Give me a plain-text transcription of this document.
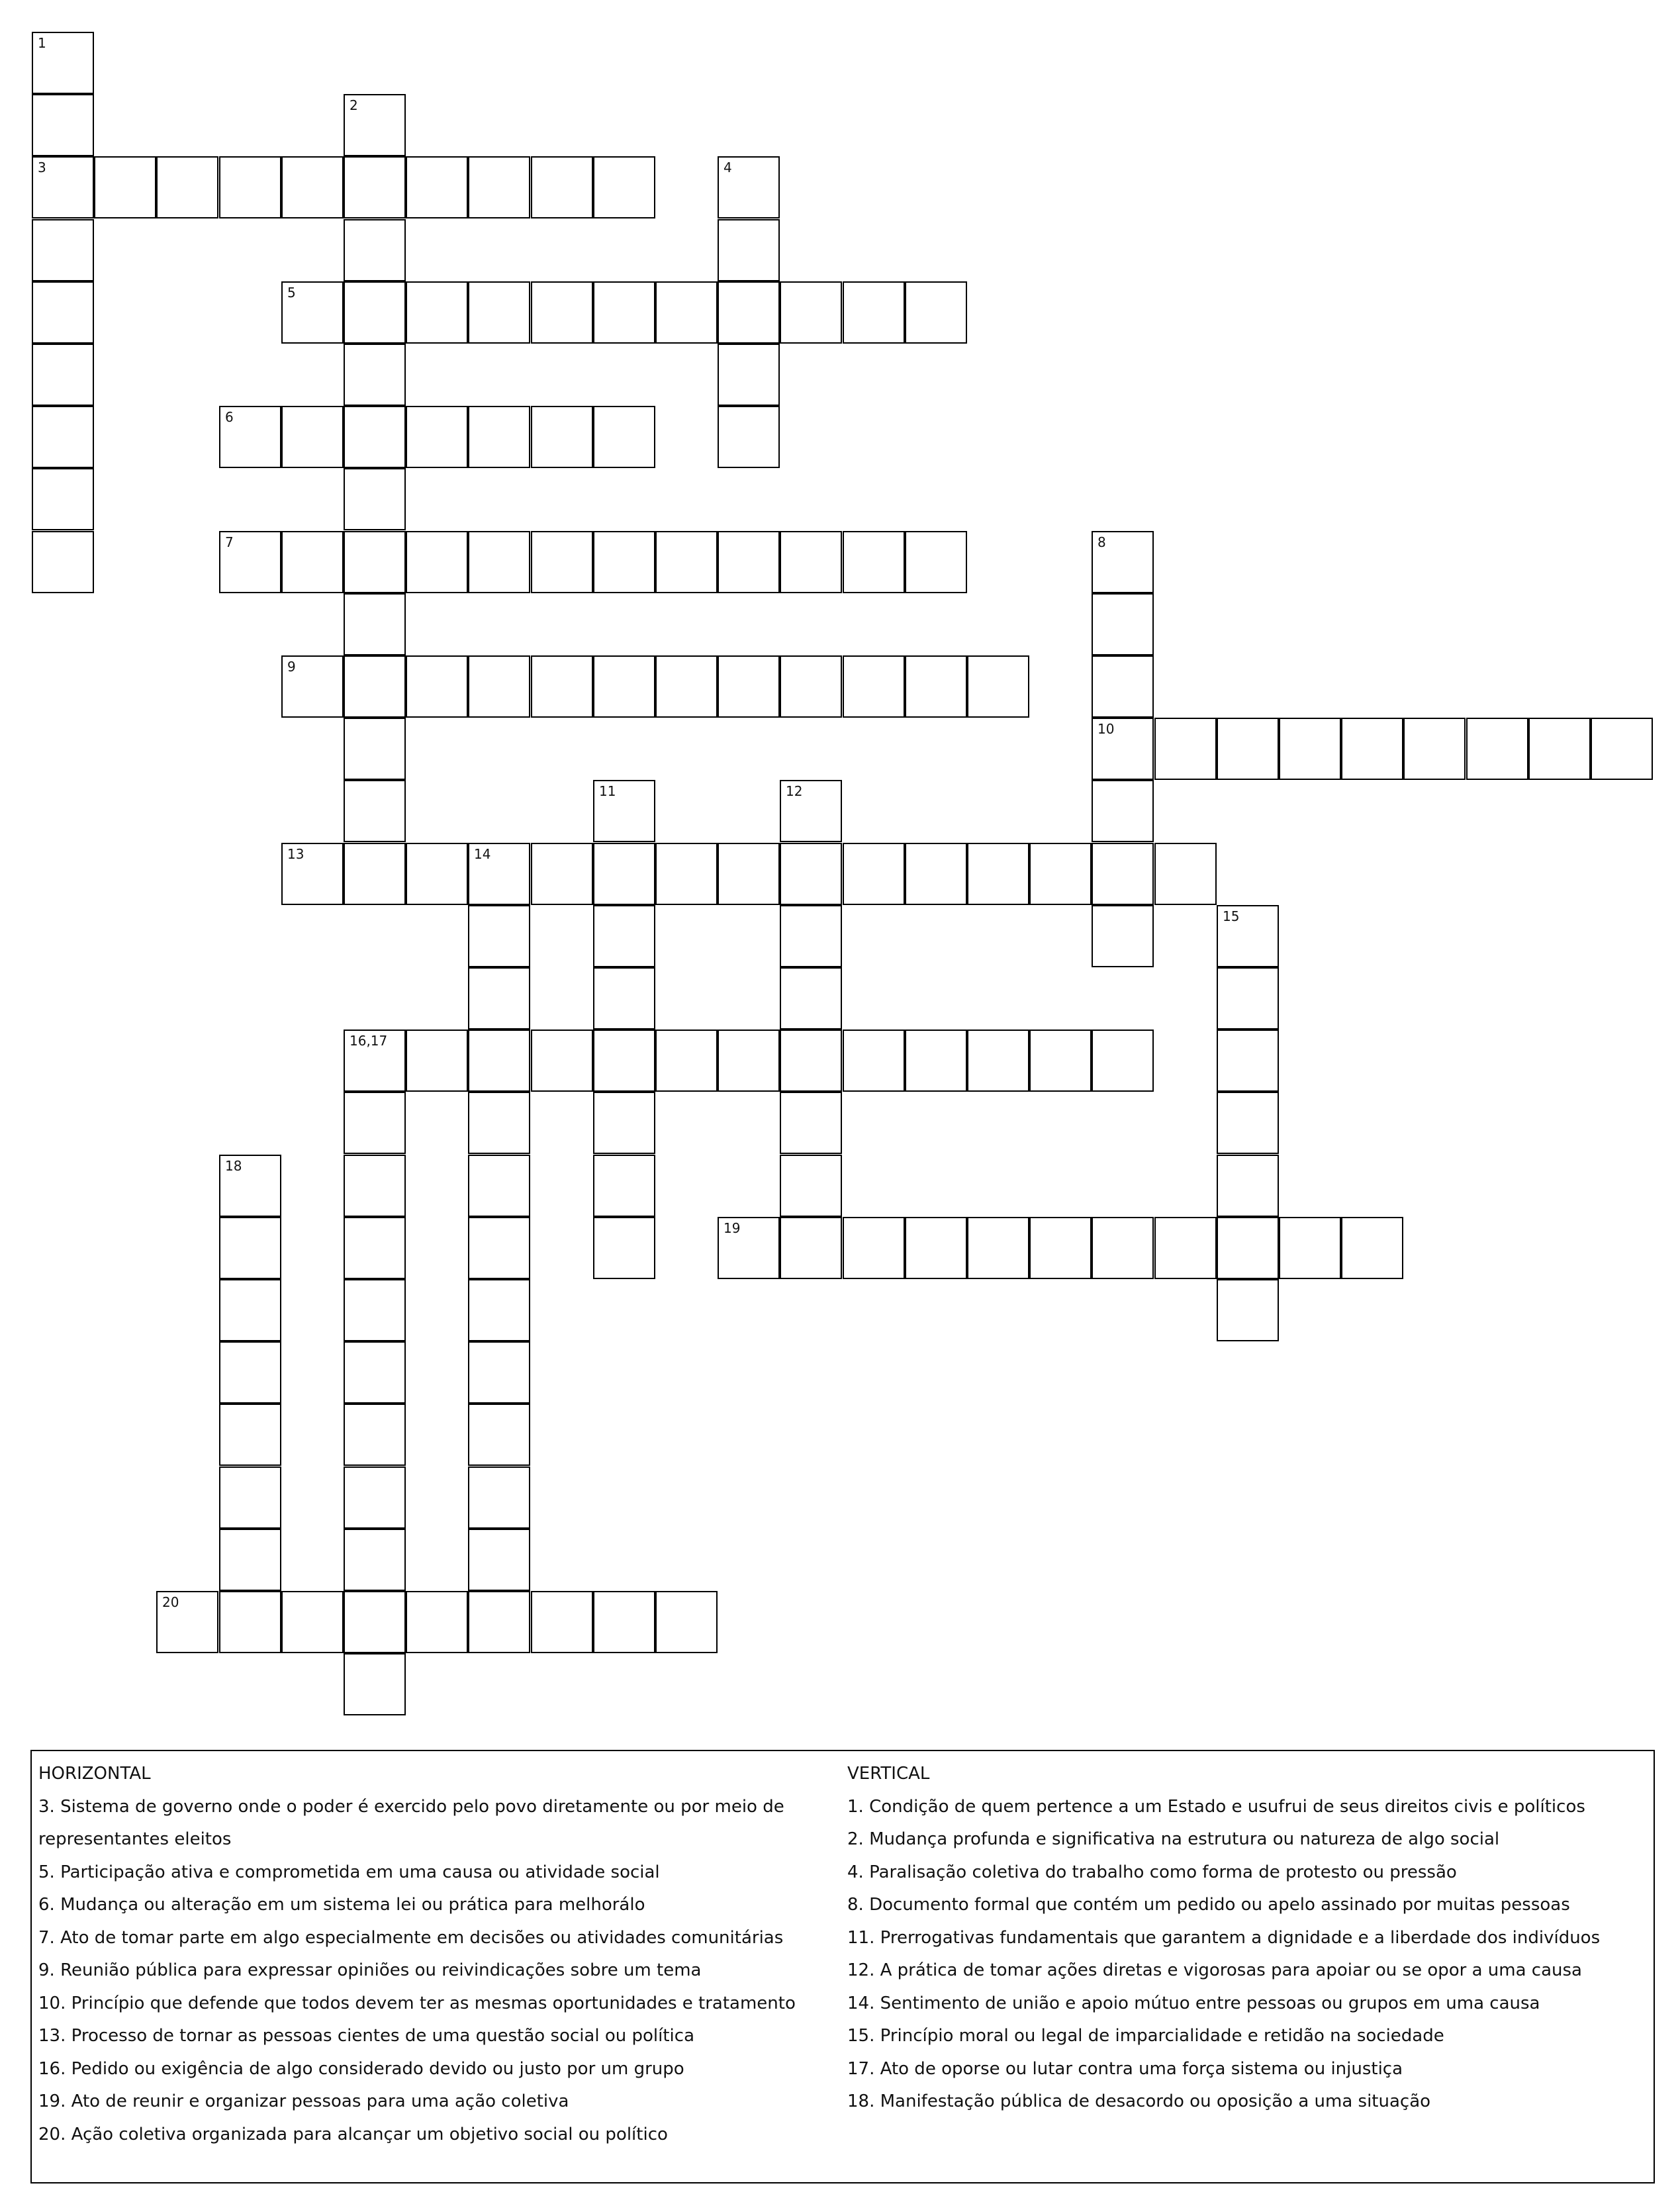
1
3
2
4
5
6
7	8
10
9
11	12
13	14
15
16,17
18
19
20

HORIZONTAL

3. Sistema de governo onde o poder é exercido pelo povo diretamente ou por meio de representantes eleitos

5. Participação ativa e comprometida em uma causa ou atividade social

6. Mudança ou alteração em um sistema lei ou prática para melhorálo

7. Ato de tomar parte em algo especialmente em decisões ou atividades comunitárias

9. Reunião pública para expressar opiniões ou reivindicações sobre um tema

10. Princípio que defende que todos devem ter as mesmas oportunidades e tratamento

13. Processo de tornar as pessoas cientes de uma questão social ou política

16. Pedido ou exigência de algo considerado devido ou justo por um grupo

19. Ato de reunir e organizar pessoas para uma ação coletiva

20. Ação coletiva organizada para alcançar um objetivo social ou político

VERTICAL

1. Condição de quem pertence a um Estado e usufrui de seus direitos civis e políticos

2. Mudança profunda e significativa na estrutura ou natureza de algo social

4. Paralisação coletiva do trabalho como forma de protesto ou pressão

8. Documento formal que contém um pedido ou apelo assinado por muitas pessoas

11. Prerrogativas fundamentais que garantem a dignidade e a liberdade dos indivíduos

12. A prática de tomar ações diretas e vigorosas para apoiar ou se opor a uma causa

14. Sentimento de união e apoio mútuo entre pessoas ou grupos em uma causa

15. Princípio moral ou legal de imparcialidade e retidão na sociedade

17. Ato de oporse ou lutar contra uma força sistema ou injustiça

18. Manifestação pública de desacordo ou oposição a uma situação
